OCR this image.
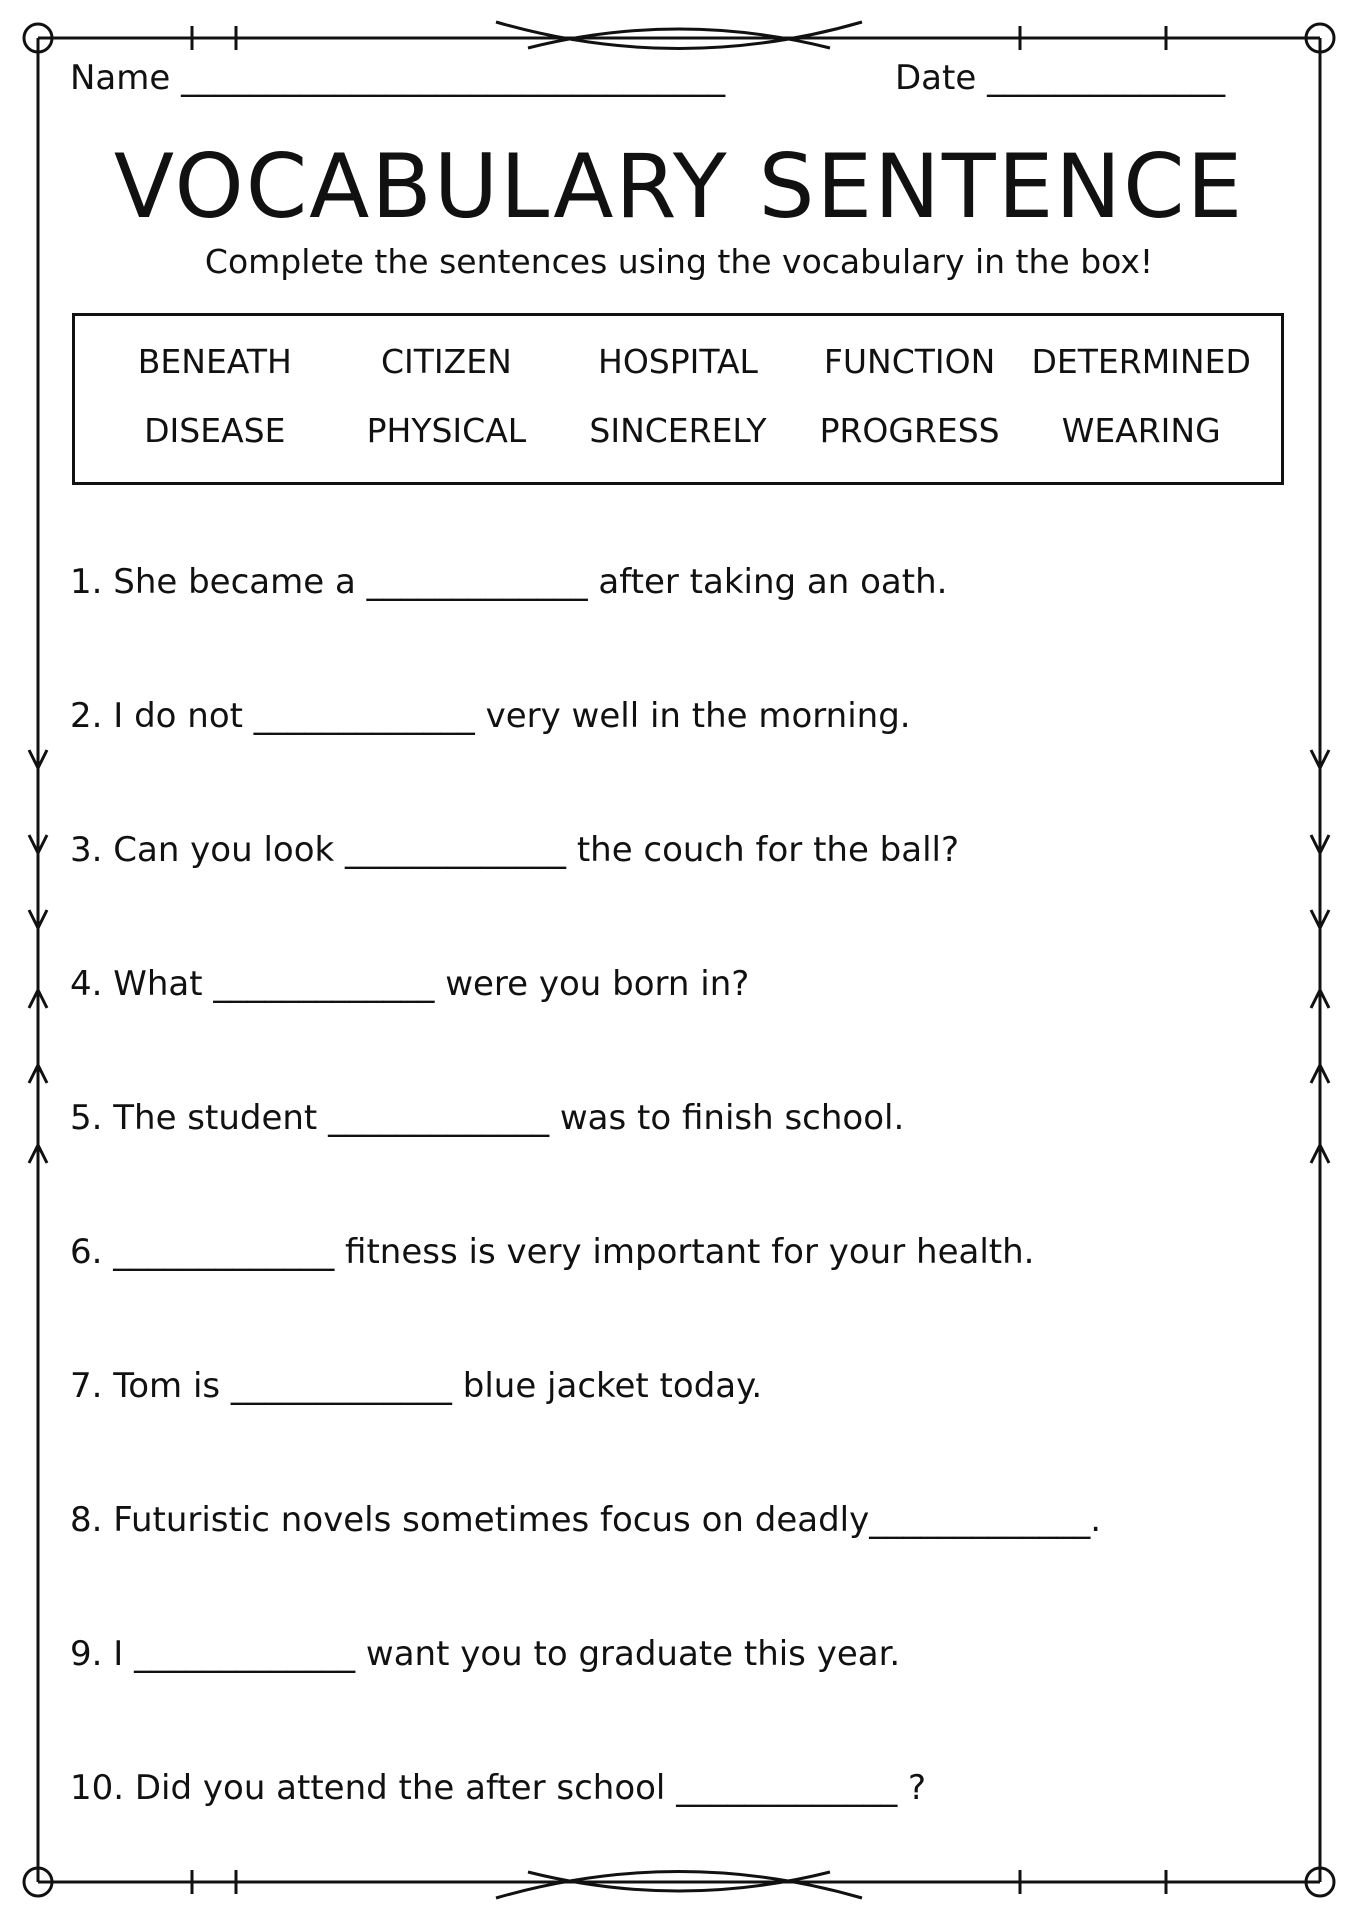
Name ________________________________	Date ______________
VOCABULARY SENTENCE
Complete the sentences using the vocabulary in the box!
BENEATH	CITIZEN	HOSPITAL	FUNCTION	DETERMINED
DISEASE	PHYSICAL	SINCERELY	PROGRESS	WEARING
1. She became a _____________ after taking an oath.
2. I do not _____________ very well in the morning.
3. Can you look _____________ the couch for the ball?
4. What _____________ were you born in?
5. The student _____________ was to finish school.
6. _____________ fitness is very important for your health.
7. Tom is _____________ blue jacket today.
8. Futuristic novels sometimes focus on deadly_____________.
9. I _____________ want you to graduate this year.
10. Did you attend the after school _____________ ?
